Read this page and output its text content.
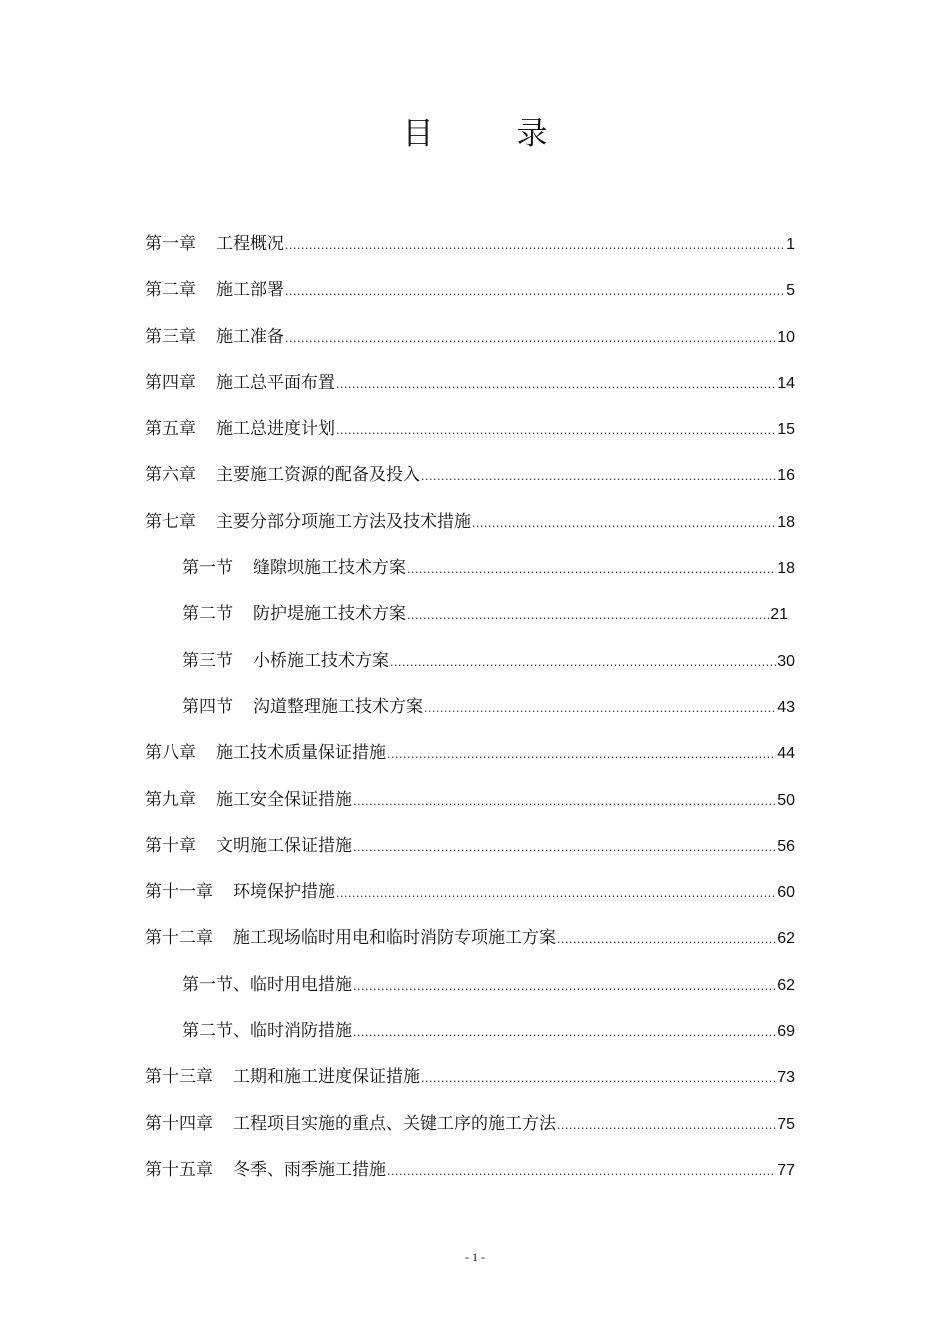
目　录
第一章 工程概况 .....	1
第二章 施工部署 .....	5
第三章 施工准备 .....	10
第四章 施工总平面布置 .....	14
第五章 施工总进度计划 .....	15
第六章 主要施工资源的配备及投入 .....	16
第七章 主要分部分项施工方法及技术措施 .....	18
第一节 缝隙坝施工技术方案 .....	18
第二节 防护堤施工技术方案 .....	21
第三节 小桥施工技术方案 .....	30
第四节 沟道整理施工技术方案 .....	43
第八章 施工技术质量保证措施 .....	44
第九章 施工安全保证措施 .....	50
第十章 文明施工保证措施 .....	56
第十一章 环境保护措施 .....	60
第十二章 施工现场临时用电和临时消防专项施工方案 .....	62
第一节、 临时用电措施 .....	62
第二节、 临时消防措施 .....	69
第十三章 工期和施工进度保证措施 .....	73
第十四章 工程项目实施的重点、关键工序的施工方法 .....	75
第十五章 冬季、雨季施工措施 .....	77
- 1 -
